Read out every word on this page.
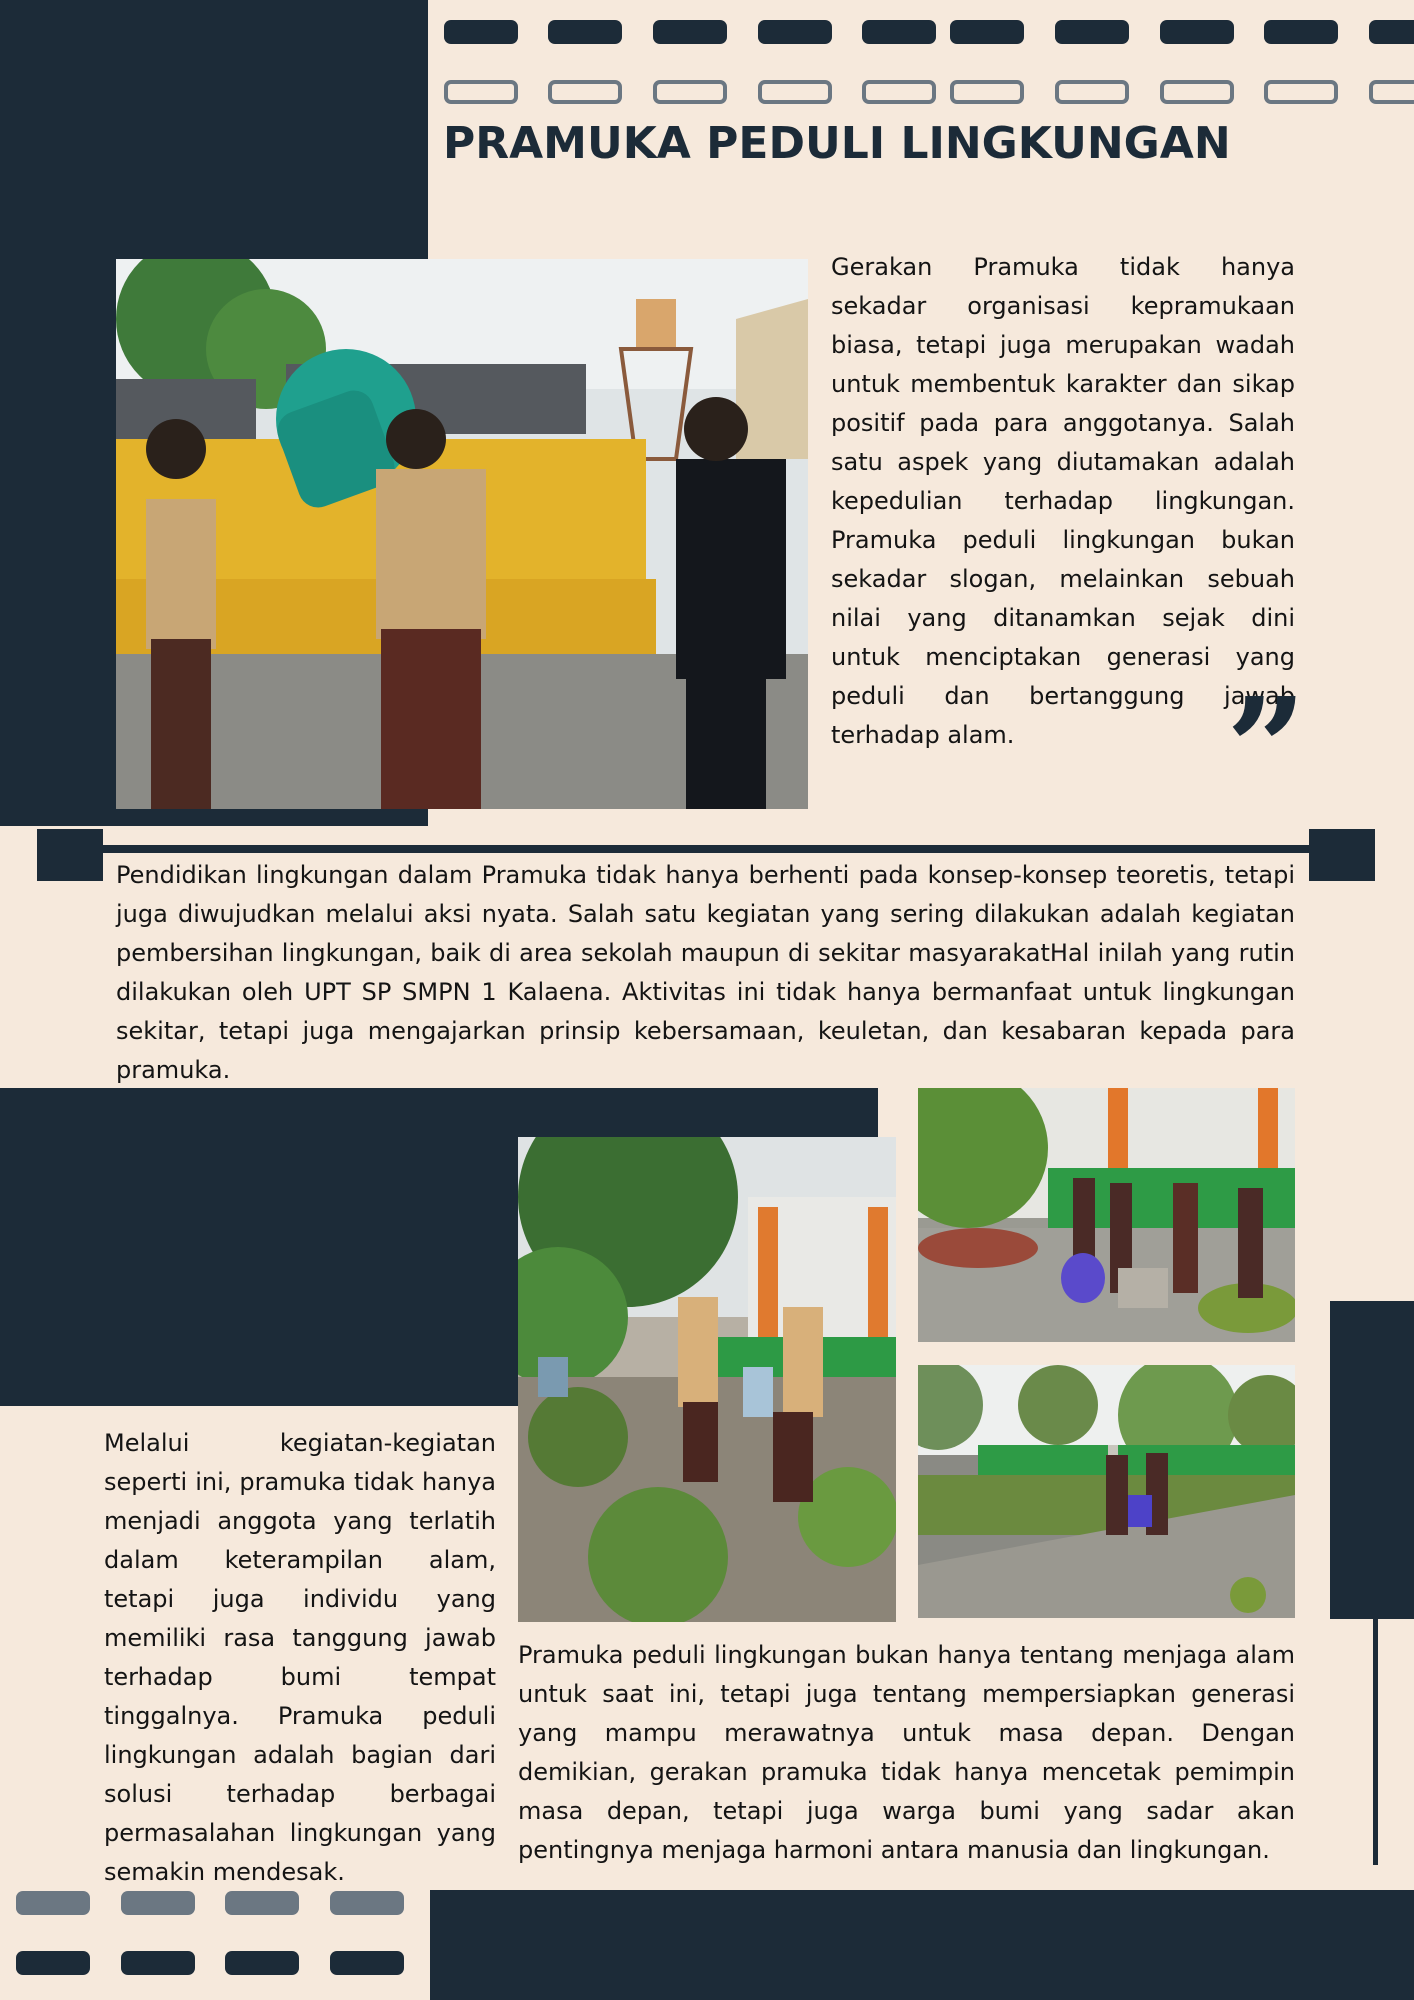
PRAMUKA PEDULI LINGKUNGAN

Gerakan Pramuka tidak hanya sekadar organisasi kepramukaan biasa, tetapi juga merupakan wadah untuk membentuk karakter dan sikap positif pada para anggotanya. Salah satu aspek yang diutamakan adalah kepedulian terhadap lingkungan. Pramuka peduli lingkungan bukan sekadar slogan, melainkan sebuah nilai yang ditanamkan sejak dini untuk menciptakan generasi yang peduli dan bertanggung jawab terhadap alam.	”

Pendidikan lingkungan dalam Pramuka tidak hanya berhenti pada konsep-konsep teoretis, tetapi juga diwujudkan melalui aksi nyata. Salah satu kegiatan yang sering dilakukan adalah kegiatan pembersihan lingkungan, baik di area sekolah maupun di sekitar masyarakatHal inilah yang rutin dilakukan oleh UPT SP SMPN 1 Kalaena. Aktivitas ini tidak hanya bermanfaat untuk lingkungan sekitar, tetapi juga mengajarkan prinsip kebersamaan, keuletan, dan kesabaran kepada para pramuka.

Melalui kegiatan-kegiatan seperti ini, pramuka tidak hanya menjadi anggota yang terlatih dalam keterampilan alam, tetapi juga individu yang memiliki rasa tanggung jawab terhadap bumi tempat tinggalnya. Pramuka peduli lingkungan adalah bagian dari solusi terhadap berbagai permasalahan lingkungan yang semakin mendesak.

Pramuka peduli lingkungan bukan hanya tentang menjaga alam untuk saat ini, tetapi juga tentang mempersiapkan generasi yang mampu merawatnya untuk masa depan. Dengan demikian, gerakan pramuka tidak hanya mencetak pemimpin masa depan, tetapi juga warga bumi yang sadar akan pentingnya menjaga harmoni antara manusia dan lingkungan.
